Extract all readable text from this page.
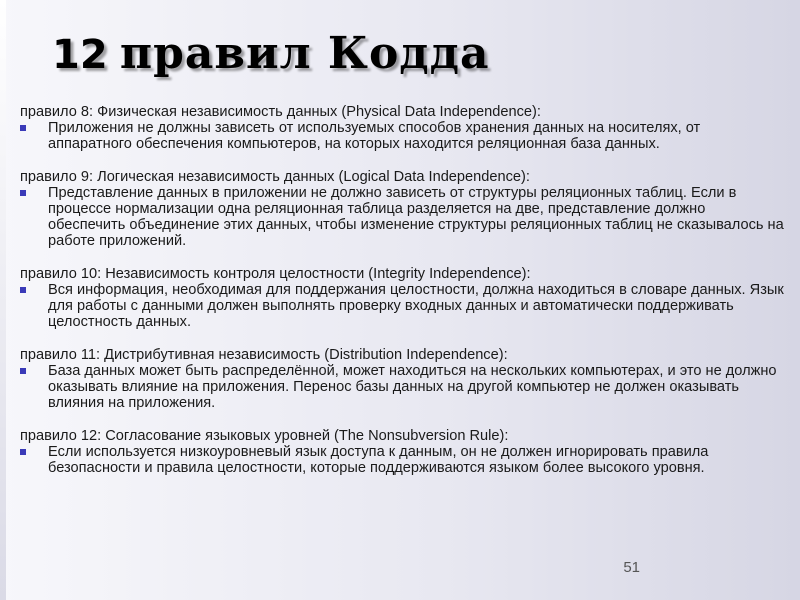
12 правил Кодда

правило 8: Физическая независимость данных (Physical Data Independence):

Приложения не должны зависеть от используемых способов хранения данных на носителях, от аппаратного обеспечения компьютеров, на которых находится реляционная база данных.

правило 9: Логическая независимость данных (Logical Data Independence):

Представление данных в приложении не должно зависеть от структуры реляционных таблиц. Если в процессе нормализации одна реляционная таблица разделяется на две, представление должно обеспечить объединение этих данных, чтобы изменение структуры реляционных таблиц не сказывалось на работе приложений.

правило 10: Независимость контроля целостности (Integrity Independence):

Вся информация, необходимая для поддержания целостности, должна находиться в словаре данных. Язык для работы с данными должен выполнять проверку входных данных и автоматически поддерживать целостность данных.

правило 11: Дистрибутивная независимость (Distribution Independence):

База данных может быть распределённой, может находиться на нескольких компьютерах, и это не должно оказывать влияние на приложения. Перенос базы данных на другой компьютер не должен оказывать влияния на приложения.

правило 12: Согласование языковых уровней (The Nonsubversion Rule):

Если используется низкоуровневый язык доступа к данным, он не должен игнорировать правила безопасности и правила целостности, которые поддерживаются языком более высокого уровня.

51
